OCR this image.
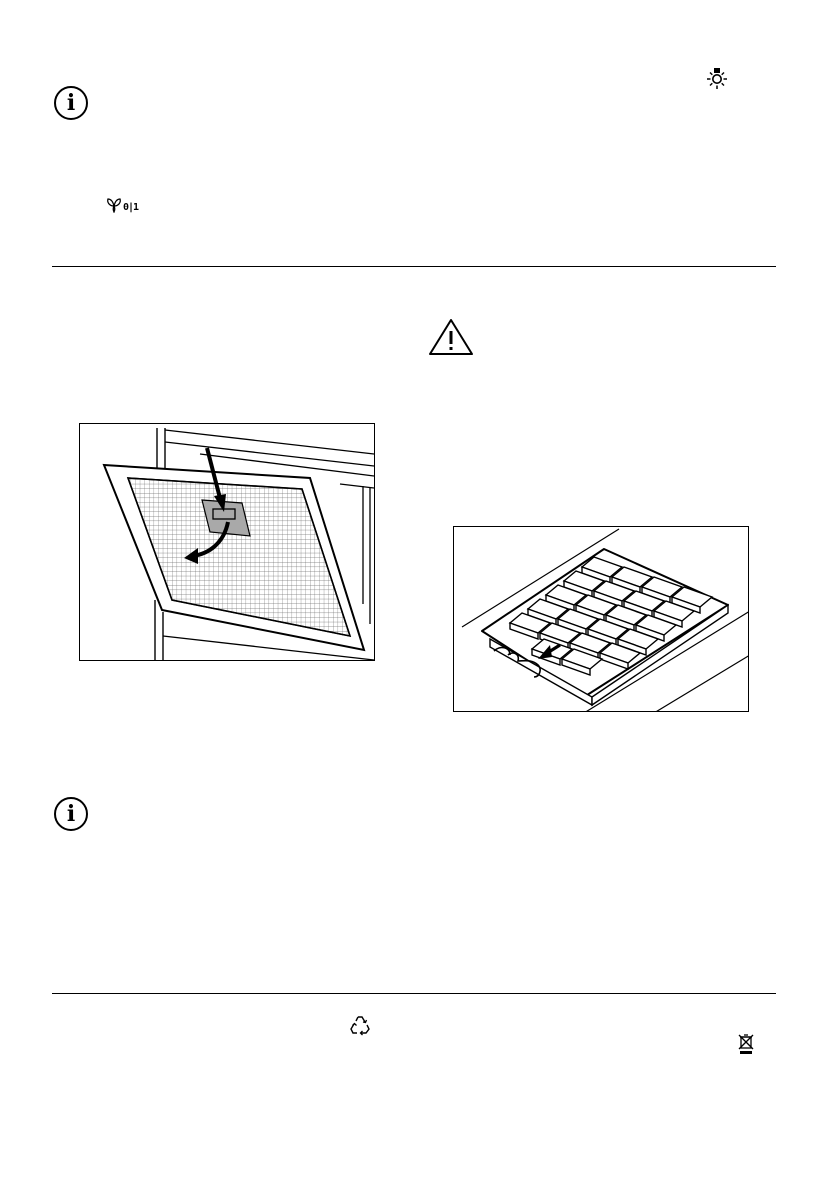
i
0|1
i
